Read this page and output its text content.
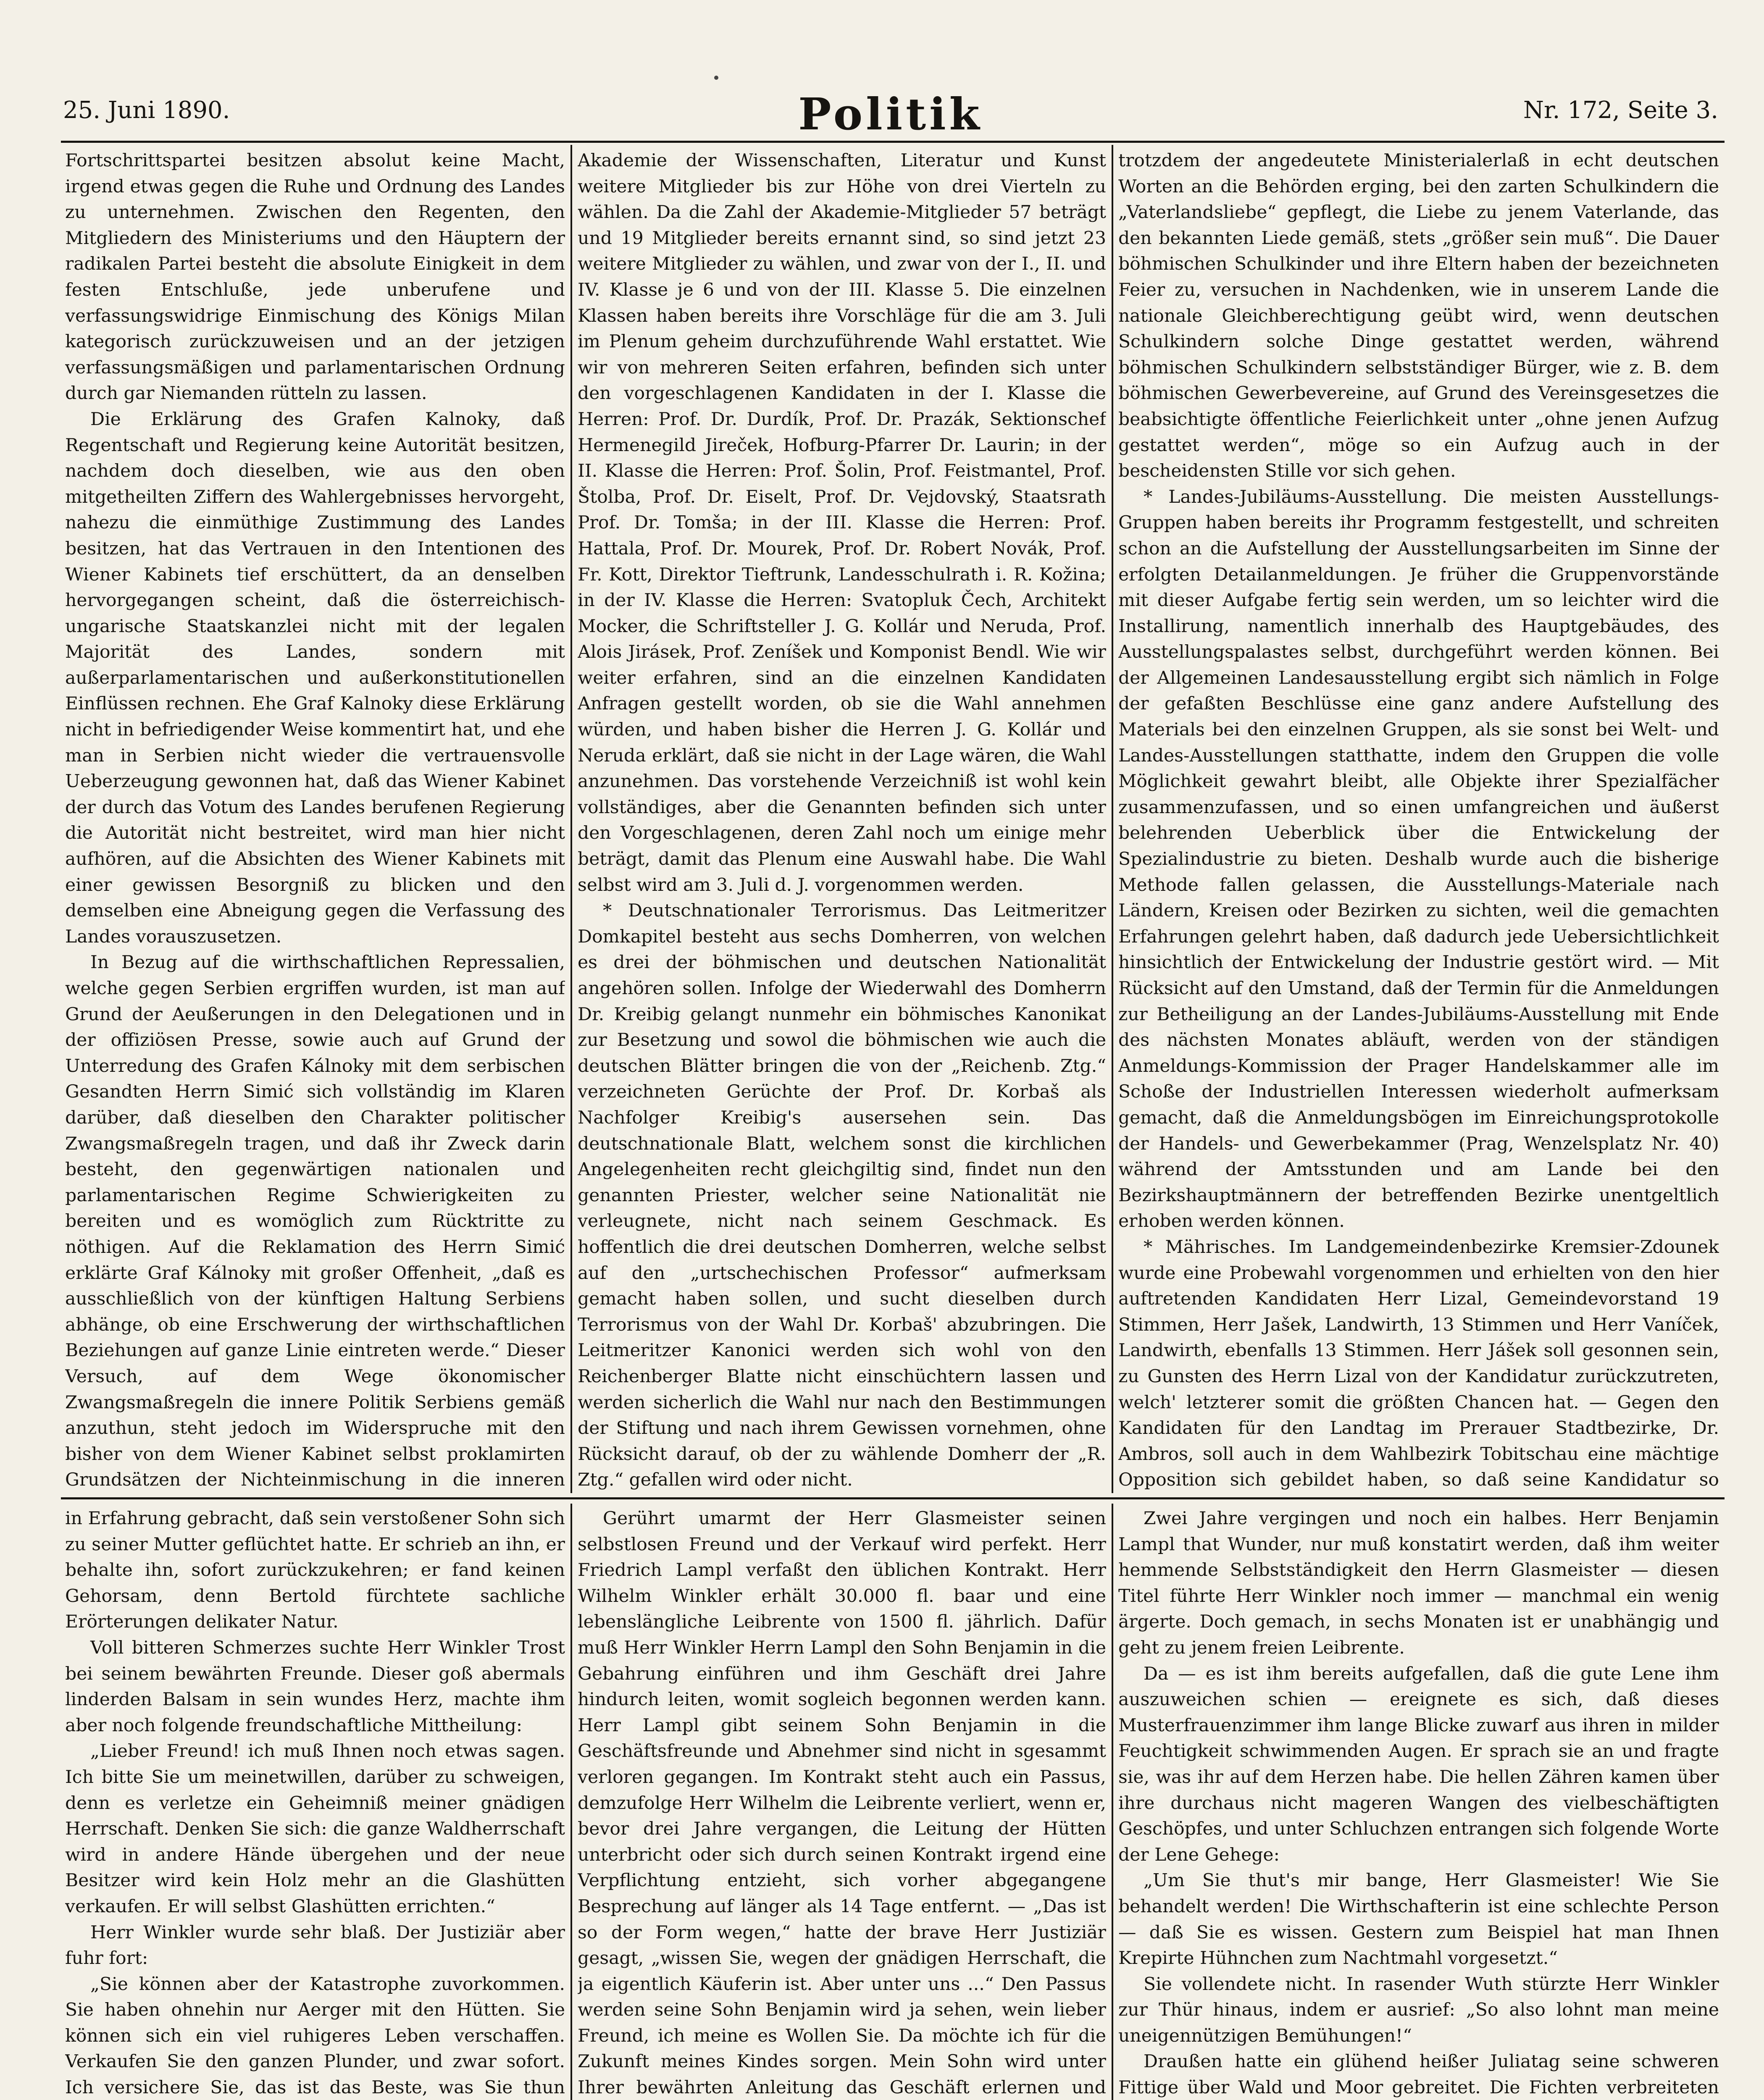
25. Juni 1890.	Politik	Nr. 172, Seite 3.

Fortschrittspartei besitzen absolut keine Macht, irgend etwas gegen die Ruhe und Ordnung des Landes zu unternehmen. Zwischen den Regenten, den Mitgliedern des Ministeriums und den Häuptern der radikalen Partei besteht die absolute Einigkeit in dem festen Entschluße, jede unberufene und verfassungswidrige Einmischung des Königs Milan kategorisch zurückzuweisen und an der jetzigen verfassungsmäßigen und parlamentarischen Ordnung durch gar Niemanden rütteln zu lassen.

Die Erklärung des Grafen Kalnoky, daß Regentschaft und Regierung keine Autorität besitzen, nachdem doch dieselben, wie aus den oben mitgetheilten Ziffern des Wahlergebnisses hervorgeht, nahezu die einmüthige Zustimmung des Landes besitzen, hat das Vertrauen in den Intentionen des Wiener Kabinets tief erschüttert, da an denselben hervorgegangen scheint, daß die österreichisch-ungarische Staatskanzlei nicht mit der legalen Majorität des Landes, sondern mit außerparlamentarischen und außerkonstitutionellen Einflüssen rechnen. Ehe Graf Kalnoky diese Erklärung nicht in befriedigender Weise kommentirt hat, und ehe man in Serbien nicht wieder die vertrauensvolle Ueberzeugung gewonnen hat, daß das Wiener Kabinet der durch das Votum des Landes berufenen Regierung die Autorität nicht bestreitet, wird man hier nicht aufhören, auf die Absichten des Wiener Kabinets mit einer gewissen Besorgniß zu blicken und den demselben eine Abneigung gegen die Verfassung des Landes vorauszusetzen.

In Bezug auf die wirthschaftlichen Repressalien, welche gegen Serbien ergriffen wurden, ist man auf Grund der Aeußerungen in den Delegationen und in der offiziösen Presse, sowie auch auf Grund der Unterredung des Grafen Kálnoky mit dem serbischen Gesandten Herrn Simić sich vollständig im Klaren darüber, daß dieselben den Charakter politischer Zwangsmaßregeln tragen, und daß ihr Zweck darin besteht, den gegenwärtigen nationalen und parlamentarischen Regime Schwierigkeiten zu bereiten und es womöglich zum Rücktritte zu nöthigen. Auf die Reklamation des Herrn Simić erklärte Graf Kálnoky mit großer Offenheit, „daß es ausschließlich von der künftigen Haltung Serbiens abhänge, ob eine Erschwerung der wirthschaftlichen Beziehungen auf ganze Linie eintreten werde.“ Dieser Versuch, auf dem Wege ökonomischer Zwangsmaßregeln die innere Politik Serbiens gemäß anzuthun, steht jedoch im Widerspruche mit den bisher von dem Wiener Kabinet selbst proklamirten Grundsätzen der Nichteinmischung in die inneren

Akademie der Wissenschaften, Literatur und Kunst weitere Mitglieder bis zur Höhe von drei Vierteln zu wählen. Da die Zahl der Akademie-Mitglieder 57 beträgt und 19 Mitglieder bereits ernannt sind, so sind jetzt 23 weitere Mitglieder zu wählen, und zwar von der I., II. und IV. Klasse je 6 und von der III. Klasse 5. Die einzelnen Klassen haben bereits ihre Vorschläge für die am 3. Juli im Plenum geheim durchzuführende Wahl erstattet. Wie wir von mehreren Seiten erfahren, befinden sich unter den vorgeschlagenen Kandidaten in der I. Klasse die Herren: Prof. Dr. Durdík, Prof. Dr. Prazák, Sektionschef Hermenegild Jireček, Hofburg-Pfarrer Dr. Laurin; in der II. Klasse die Herren: Prof. Šolin, Prof. Feistmantel, Prof. Štolba, Prof. Dr. Eiselt, Prof. Dr. Vejdovský, Staatsrath Prof. Dr. Tomša; in der III. Klasse die Herren: Prof. Hattala, Prof. Dr. Mourek, Prof. Dr. Robert Novák, Prof. Fr. Kott, Direktor Tieftrunk, Landesschulrath i. R. Kožina; in der IV. Klasse die Herren: Svatopluk Čech, Architekt Mocker, die Schriftsteller J. G. Kollár und Neruda, Prof. Alois Jirásek, Prof. Zeníšek und Komponist Bendl. Wie wir weiter erfahren, sind an die einzelnen Kandidaten Anfragen gestellt worden, ob sie die Wahl annehmen würden, und haben bisher die Herren J. G. Kollár und Neruda erklärt, daß sie nicht in der Lage wären, die Wahl anzunehmen. Das vorstehende Verzeichniß ist wohl kein vollständiges, aber die Genannten befinden sich unter den Vorgeschlagenen, deren Zahl noch um einige mehr beträgt, damit das Plenum eine Auswahl habe. Die Wahl selbst wird am 3. Juli d. J. vorgenommen werden.

* Deutschnationaler Terrorismus. Das Leitmeritzer Domkapitel besteht aus sechs Domherren, von welchen es drei der böhmischen und deutschen Nationalität angehören sollen. Infolge der Wiederwahl des Domherrn Dr. Kreibig gelangt nunmehr ein böhmisches Kanonikat zur Besetzung und sowol die böhmischen wie auch die deutschen Blätter bringen die von der „Reichenb. Ztg.“ verzeichneten Gerüchte der Prof. Dr. Korbaš als Nachfolger Kreibig's ausersehen sein. Das deutschnationale Blatt, welchem sonst die kirchlichen Angelegenheiten recht gleichgiltig sind, findet nun den genannten Priester, welcher seine Nationalität nie verleugnete, nicht nach seinem Geschmack. Es hoffentlich die drei deutschen Domherren, welche selbst auf den „urtschechischen Professor“ aufmerksam gemacht haben sollen, und sucht dieselben durch Terrorismus von der Wahl Dr. Korbaš' abzubringen. Die Leitmeritzer Kanonici werden sich wohl von den Reichenberger Blatte nicht einschüchtern lassen und werden sicherlich die Wahl nur nach den Bestimmungen der Stiftung und nach ihrem Gewissen vornehmen, ohne Rücksicht darauf, ob der zu wählende Domherr der „R. Ztg.“ gefallen wird oder nicht.

trotzdem der angedeutete Ministerialerlaß in echt deutschen Worten an die Behörden erging, bei den zarten Schulkindern die „Vaterlandsliebe“ gepflegt, die Liebe zu jenem Vaterlande, das den bekannten Liede gemäß, stets „größer sein muß“. Die Dauer böhmischen Schulkinder und ihre Eltern haben der bezeichneten Feier zu, versuchen in Nachdenken, wie in unserem Lande die nationale Gleichberechtigung geübt wird, wenn deutschen Schulkindern solche Dinge gestattet werden, während böhmischen Schulkindern selbstständiger Bürger, wie z. B. dem böhmischen Gewerbevereine, auf Grund des Vereinsgesetzes die beabsichtigte öffentliche Feierlichkeit unter „ohne jenen Aufzug gestattet werden“, möge so ein Aufzug auch in der bescheidensten Stille vor sich gehen.

* Landes-Jubiläums-Ausstellung. Die meisten Ausstellungs-Gruppen haben bereits ihr Programm festgestellt, und schreiten schon an die Aufstellung der Ausstellungsarbeiten im Sinne der erfolgten Detailanmeldungen. Je früher die Gruppenvorstände mit dieser Aufgabe fertig sein werden, um so leichter wird die Installirung, namentlich innerhalb des Hauptgebäudes, des Ausstellungspalastes selbst, durchgeführt werden können. Bei der Allgemeinen Landesausstellung ergibt sich nämlich in Folge der gefaßten Beschlüsse eine ganz andere Aufstellung des Materials bei den einzelnen Gruppen, als sie sonst bei Welt- und Landes-Ausstellungen statthatte, indem den Gruppen die volle Möglichkeit gewahrt bleibt, alle Objekte ihrer Spezialfächer zusammenzufassen, und so einen umfangreichen und äußerst belehrenden Ueberblick über die Entwickelung der Spezialindustrie zu bieten. Deshalb wurde auch die bisherige Methode fallen gelassen, die Ausstellungs-Materiale nach Ländern, Kreisen oder Bezirken zu sichten, weil die gemachten Erfahrungen gelehrt haben, daß dadurch jede Uebersichtlichkeit hinsichtlich der Entwickelung der Industrie gestört wird. — Mit Rücksicht auf den Umstand, daß der Termin für die Anmeldungen zur Betheiligung an der Landes-Jubiläums-Ausstellung mit Ende des nächsten Monates abläuft, werden von der ständigen Anmeldungs-Kommission der Prager Handelskammer alle im Schoße der Industriellen Interessen wiederholt aufmerksam gemacht, daß die Anmeldungsbögen im Einreichungsprotokolle der Handels- und Gewerbekammer (Prag, Wenzelsplatz Nr. 40) während der Amtsstunden und am Lande bei den Bezirkshauptmännern der betreffenden Bezirke unentgeltlich erhoben werden können.

* Mährisches. Im Landgemeindenbezirke Kremsier-Zdounek wurde eine Probewahl vorgenommen und erhielten von den hier auftretenden Kandidaten Herr Lizal, Gemeindevorstand 19 Stimmen, Herr Jašek, Landwirth, 13 Stimmen und Herr Vaníček, Landwirth, ebenfalls 13 Stimmen. Herr Jášek soll gesonnen sein, zu Gunsten des Herrn Lizal von der Kandidatur zurückzutreten, welch' letzterer somit die größten Chancen hat. — Gegen den Kandidaten für den Landtag im Prerauer Stadtbezirke, Dr. Ambros, soll auch in dem Wahlbezirk Tobitschau eine mächtige Opposition sich gebildet haben, so daß seine Kandidatur so

in Erfahrung gebracht, daß sein verstoßener Sohn sich zu seiner Mutter geflüchtet hatte. Er schrieb an ihn, er behalte ihn, sofort zurückzukehren; er fand keinen Gehorsam, denn Bertold fürchtete sachliche Erörterungen delikater Natur.

Voll bitteren Schmerzes suchte Herr Winkler Trost bei seinem bewährten Freunde. Dieser goß abermals linderden Balsam in sein wundes Herz, machte ihm aber noch folgende freundschaftliche Mittheilung:

„Lieber Freund! ich muß Ihnen noch etwas sagen. Ich bitte Sie um meinetwillen, darüber zu schweigen, denn es verletze ein Geheimniß meiner gnädigen Herrschaft. Denken Sie sich: die ganze Waldherrschaft wird in andere Hände übergehen und der neue Besitzer wird kein Holz mehr an die Glashütten verkaufen. Er will selbst Glashütten errichten.“

Herr Winkler wurde sehr blaß. Der Justiziär aber fuhr fort:

„Sie können aber der Katastrophe zuvorkommen. Sie haben ohnehin nur Aerger mit den Hütten. Sie können sich ein viel ruhigeres Leben verschaffen. Verkaufen Sie den ganzen Plunder, und zwar sofort. Ich versichere Sie, das ist das Beste, was Sie thun

Gerührt umarmt der Herr Glasmeister seinen selbstlosen Freund und der Verkauf wird perfekt. Herr Friedrich Lampl verfaßt den üblichen Kontrakt. Herr Wilhelm Winkler erhält 30.000 fl. baar und eine lebenslängliche Leibrente von 1500 fl. jährlich. Dafür muß Herr Winkler Herrn Lampl den Sohn Benjamin in die Gebahrung einführen und ihm Geschäft drei Jahre hindurch leiten, womit sogleich begonnen werden kann. Herr Lampl gibt seinem Sohn Benjamin in die Geschäftsfreunde und Abnehmer sind nicht in sgesammt verloren gegangen. Im Kontrakt steht auch ein Passus, demzufolge Herr Wilhelm die Leibrente verliert, wenn er, bevor drei Jahre vergangen, die Leitung der Hütten unterbricht oder sich durch seinen Kontrakt irgend eine Verpflichtung entzieht, sich vorher abgegangene Besprechung auf länger als 14 Tage entfernt. — „Das ist so der Form wegen,“ hatte der brave Herr Justiziär gesagt, „wissen Sie, wegen der gnädigen Herrschaft, die ja eigentlich Käuferin ist. Aber unter uns ...“ Den Passus werden seine Sohn Benjamin wird ja sehen, wein lieber Freund, ich meine es Wollen Sie. Da möchte ich für die Zukunft meines Kindes sorgen. Mein Sohn wird unter Ihrer bewährten Anleitung das Geschäft erlernen und

Zwei Jahre vergingen und noch ein halbes. Herr Benjamin Lampl that Wunder, nur muß konstatirt werden, daß ihm weiter hemmende Selbstständigkeit den Herrn Glasmeister — diesen Titel führte Herr Winkler noch immer — manchmal ein wenig ärgerte. Doch gemach, in sechs Monaten ist er unabhängig und geht zu jenem freien Leibrente.

Da — es ist ihm bereits aufgefallen, daß die gute Lene ihm auszuweichen schien — ereignete es sich, daß dieses Musterfrauenzimmer ihm lange Blicke zuwarf aus ihren in milder Feuchtigkeit schwimmenden Augen. Er sprach sie an und fragte sie, was ihr auf dem Herzen habe. Die hellen Zähren kamen über ihre durchaus nicht mageren Wangen des vielbeschäftigten Geschöpfes, und unter Schluchzen entrangen sich folgende Worte der Lene Gehege:

„Um Sie thut's mir bange, Herr Glasmeister! Wie Sie behandelt werden! Die Wirthschafterin ist eine schlechte Person — daß Sie es wissen. Gestern zum Beispiel hat man Ihnen Krepirte Hühnchen zum Nachtmahl vorgesetzt.“

Sie vollendete nicht. In rasender Wuth stürzte Herr Winkler zur Thür hinaus, indem er ausrief: „So also lohnt man meine uneigennützigen Bemühungen!“

Draußen hatte ein glühend heißer Juliatag seine schweren Fittige über Wald und Moor gebreitet. Die Fichten verbreiteten
